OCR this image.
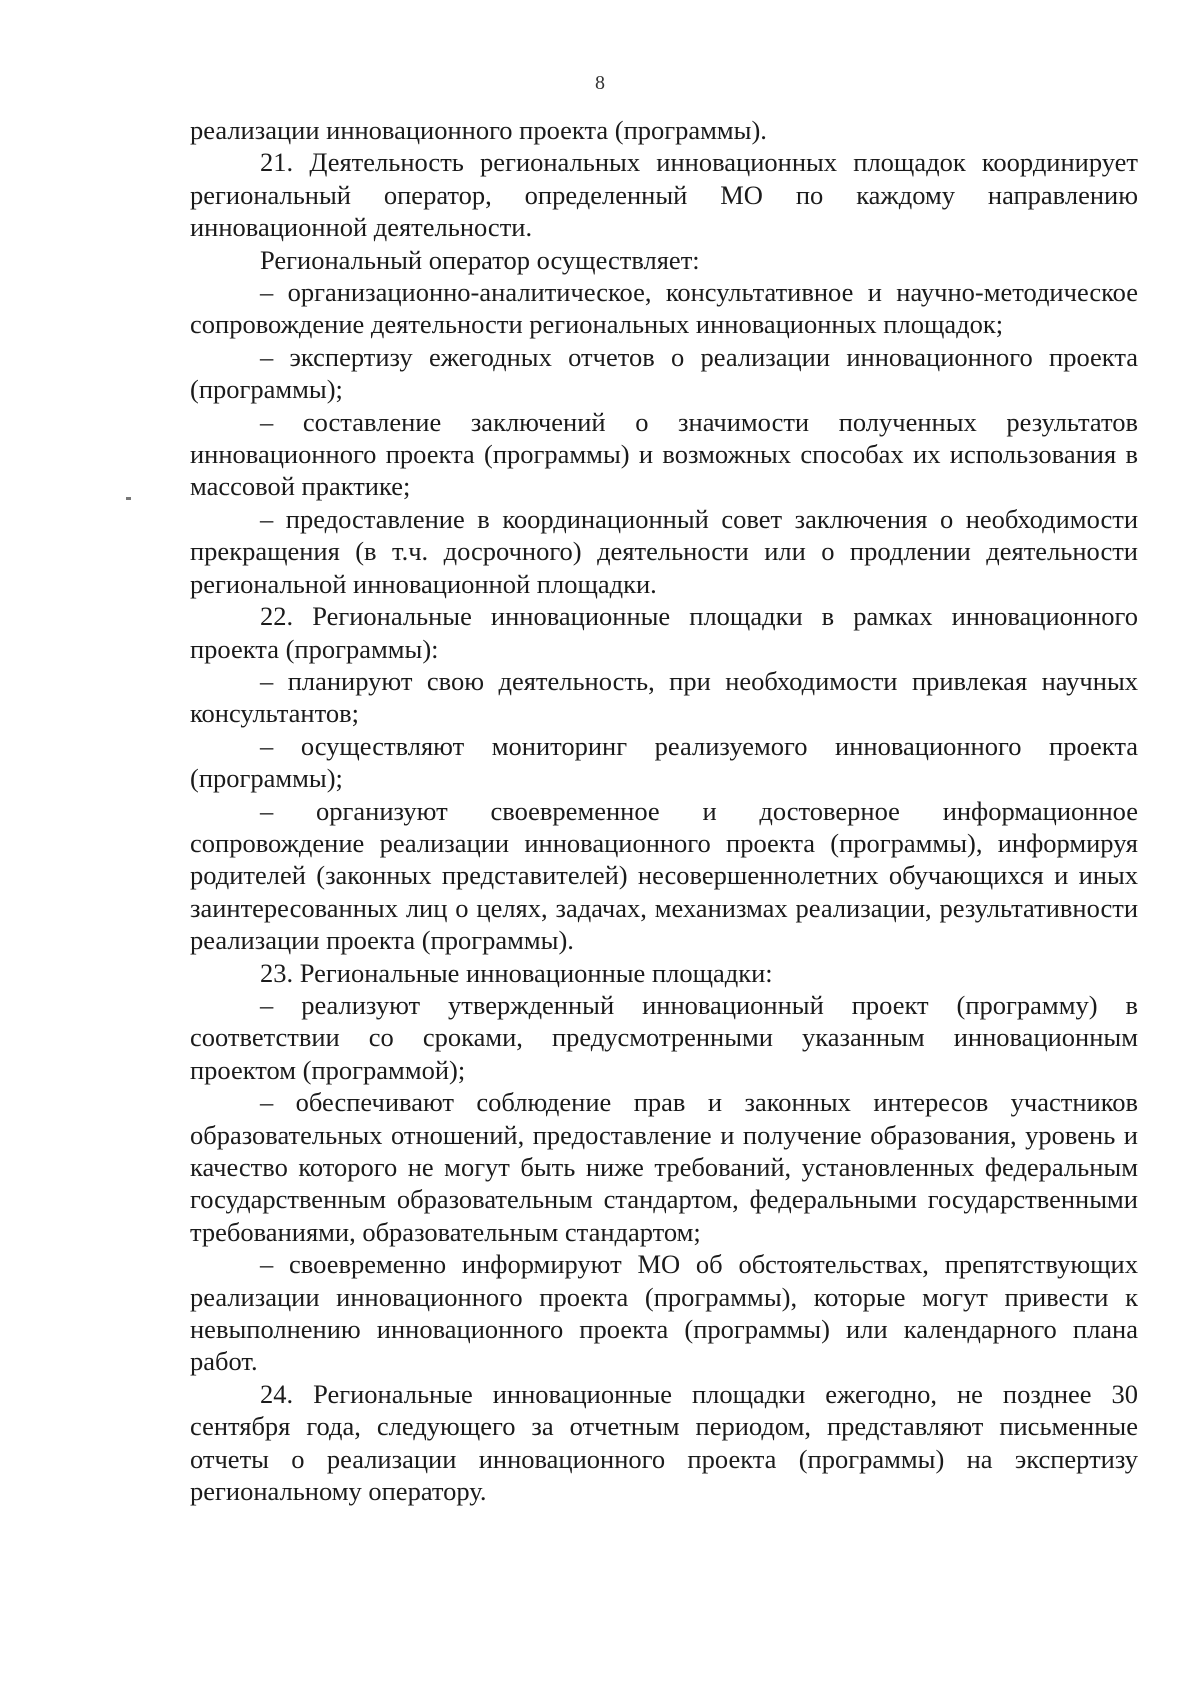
8

реализации инновационного проекта (программы).

21. Деятельность региональных инновационных площадок координирует региональный оператор, определенный МО по каждому направлению инновационной деятельности.

Региональный оператор осуществляет:

– организационно-аналитическое, консультативное и научно-методическое сопровождение деятельности региональных инновационных площадок;

– экспертизу ежегодных отчетов о реализации инновационного проекта (программы);

– составление заключений о значимости полученных результатов инновационного проекта (программы) и возможных способах их использования в массовой практике;

– предоставление в координационный совет заключения о необходимости прекращения (в т.ч. досрочного) деятельности или о продлении деятельности региональной инновационной площадки.

22. Региональные инновационные площадки в рамках инновационного проекта (программы):

– планируют свою деятельность, при необходимости привлекая научных консультантов;

– осуществляют мониторинг реализуемого инновационного проекта (программы);

– организуют своевременное и достоверное информационное сопровождение реализации инновационного проекта (программы), информируя родителей (законных представителей) несовершеннолетних обучающихся и иных заинтересованных лиц о целях, задачах, механизмах реализации, результативности реализации проекта (программы).

23. Региональные инновационные площадки:

– реализуют утвержденный инновационный проект (программу) в соответствии со сроками, предусмотренными указанным инновационным проектом (программой);

– обеспечивают соблюдение прав и законных интересов участников образовательных отношений, предоставление и получение образования, уровень и качество которого не могут быть ниже требований, установленных федеральным государственным образовательным стандартом, федеральными государственными требованиями, образовательным стандартом;

– своевременно информируют МО об обстоятельствах, препятствующих реализации инновационного проекта (программы), которые могут привести к невыполнению инновационного проекта (программы) или календарного плана работ.

24. Региональные инновационные площадки ежегодно, не позднее 30 сентября года, следующего за отчетным периодом, представляют письменные отчеты о реализации инновационного проекта (программы) на экспертизу региональному оператору.
